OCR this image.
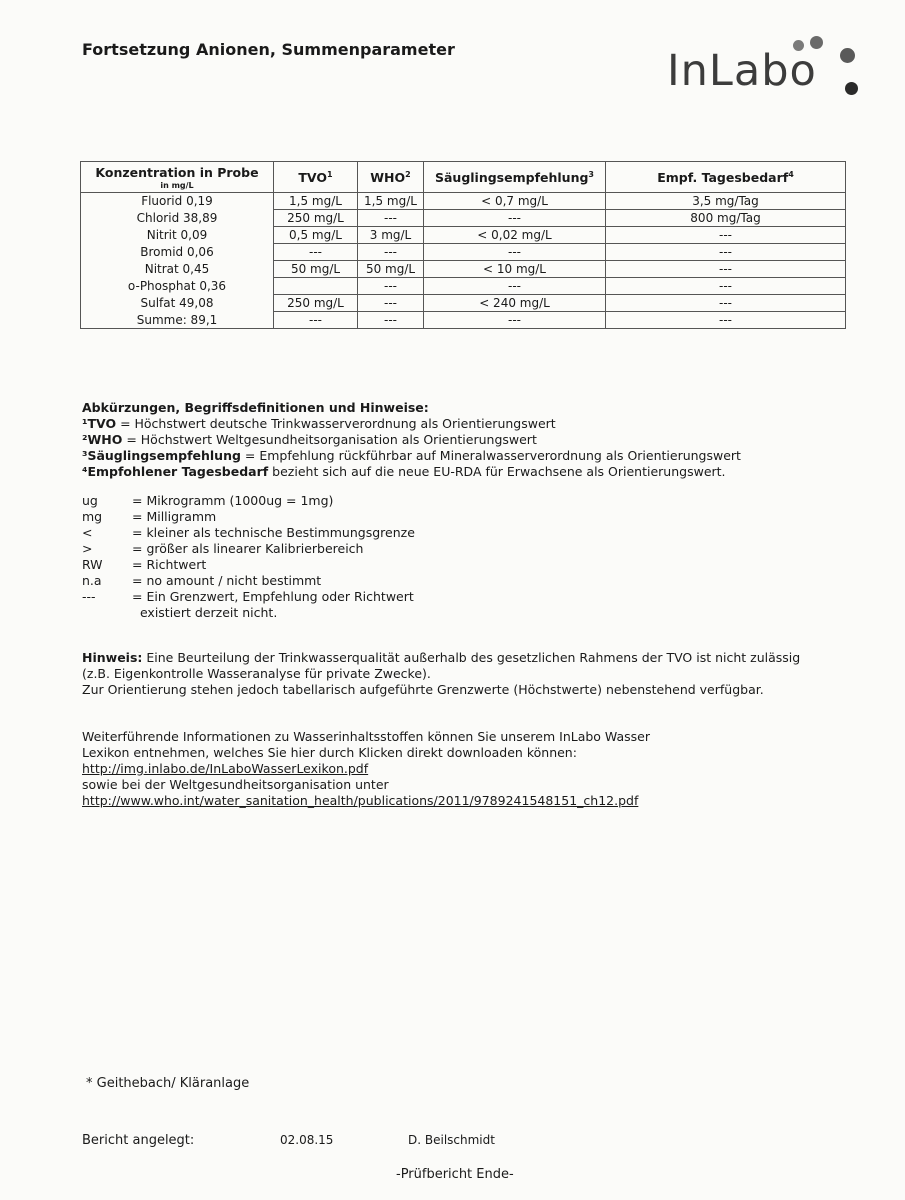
Fortsetzung Anionen, Summenparameter	InLabo
Konzentration in Probe
in mg/L	TVO$^1$	WHO$^2$	Säuglingsempfehlung$^3$	Empf. Tagesbedarf$^4$
Fluorid 0,19	1,5 mg/L	1,5 mg/L	< 0,7 mg/L	3,5 mg/Tag
Chlorid 38,89	250 mg/L	---	---	800 mg/Tag
Nitrit 0,09	0,5 mg/L	3 mg/L	< 0,02 mg/L	---
Bromid 0,06	---	---	---	---
Nitrat 0,45	50 mg/L	50 mg/L	< 10 mg/L	---
o-Phosphat 0,36		---	---	---
Sulfat 49,08	250 mg/L	---	< 240 mg/L	---
Summe: 89,1	---	---	---	---
Abkürzungen, Begriffsdefinitionen und Hinweise:
¹TVO = Höchstwert deutsche Trinkwasserverordnung als Orientierungswert
²WHO = Höchstwert Weltgesundheitsorganisation als Orientierungswert
³Säuglingsempfehlung = Empfehlung rückführbar auf Mineralwasserverordnung als Orientierungswert
⁴Empfohlener Tagesbedarf bezieht sich auf die neue EU-RDA für Erwachsene als Orientierungswert.
ug	= Mikrogramm (1000ug = 1mg)
mg = Milligramm
<	= kleiner als technische Bestimmungsgrenze
>	= größer als linearer Kalibrierbereich
RW = Richtwert
n.a = no amount / nicht bestimmt
---	= Ein Grenzwert, Empfehlung oder Richtwert
existiert derzeit nicht.
Hinweis: Eine Beurteilung der Trinkwasserqualität außerhalb des gesetzlichen Rahmens der TVO ist nicht zulässig
(z.B. Eigenkontrolle Wasseranalyse für private Zwecke).
Zur Orientierung stehen jedoch tabellarisch aufgeführte Grenzwerte (Höchstwerte) nebenstehend verfügbar.
Weiterführende Informationen zu Wasserinhaltsstoffen können Sie unserem InLabo Wasser
Lexikon entnehmen, welches Sie hier durch Klicken direkt downloaden können:
http://img.inlabo.de/InLaboWasserLexikon.pdf
sowie bei der Weltgesundheitsorganisation unter
http://www.who.int/water_sanitation_health/publications/2011/9789241548151_ch12.pdf
* Geithebach/ Kläranlage
Bericht angelegt:	02.08.15	D. Beilschmidt
-Prüfbericht Ende-
